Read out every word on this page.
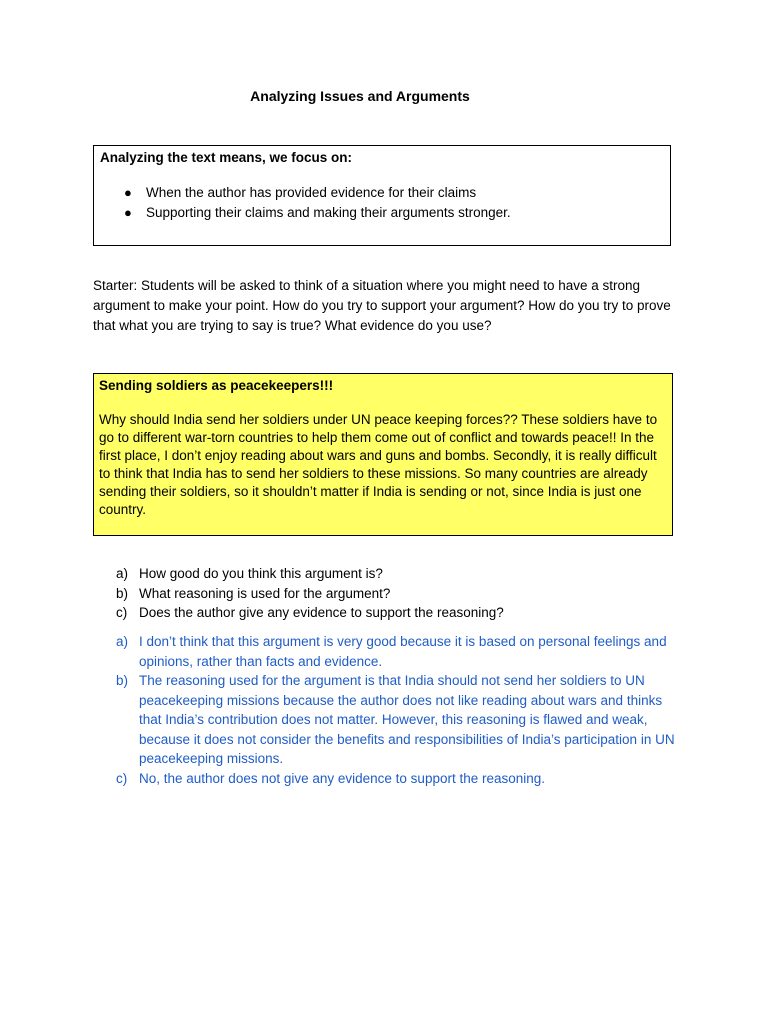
Analyzing Issues and Arguments
Analyzing the text means, we focus on:
● When the author has provided evidence for their claims
● Supporting their claims and making their arguments stronger.
Starter: Students will be asked to think of a situation where you might need to have a strong argument to make your point. How do you try to support your argument? How do you try to prove that what you are trying to say is true? What evidence do you use?
Sending soldiers as peacekeepers!!!
Why should India send her soldiers under UN peace keeping forces?? These soldiers have to go to different war-torn countries to help them come out of conflict and towards peace!! In the first place, I don’t enjoy reading about wars and guns and bombs. Secondly, it is really difficult to think that India has to send her soldiers to these missions. So many countries are already sending their soldiers, so it shouldn’t matter if India is sending or not, since India is just one country.
a) How good do you think this argument is?
b) What reasoning is used for the argument?
c) Does the author give any evidence to support the reasoning?
a) I don’t think that this argument is very good because it is based on personal feelings and opinions, rather than facts and evidence.
b) The reasoning used for the argument is that India should not send her soldiers to UN peacekeeping missions because the author does not like reading about wars and thinks that India’s contribution does not matter. However, this reasoning is flawed and weak, because it does not consider the benefits and responsibilities of India’s participation in UN peacekeeping missions.
c) No, the author does not give any evidence to support the reasoning.
